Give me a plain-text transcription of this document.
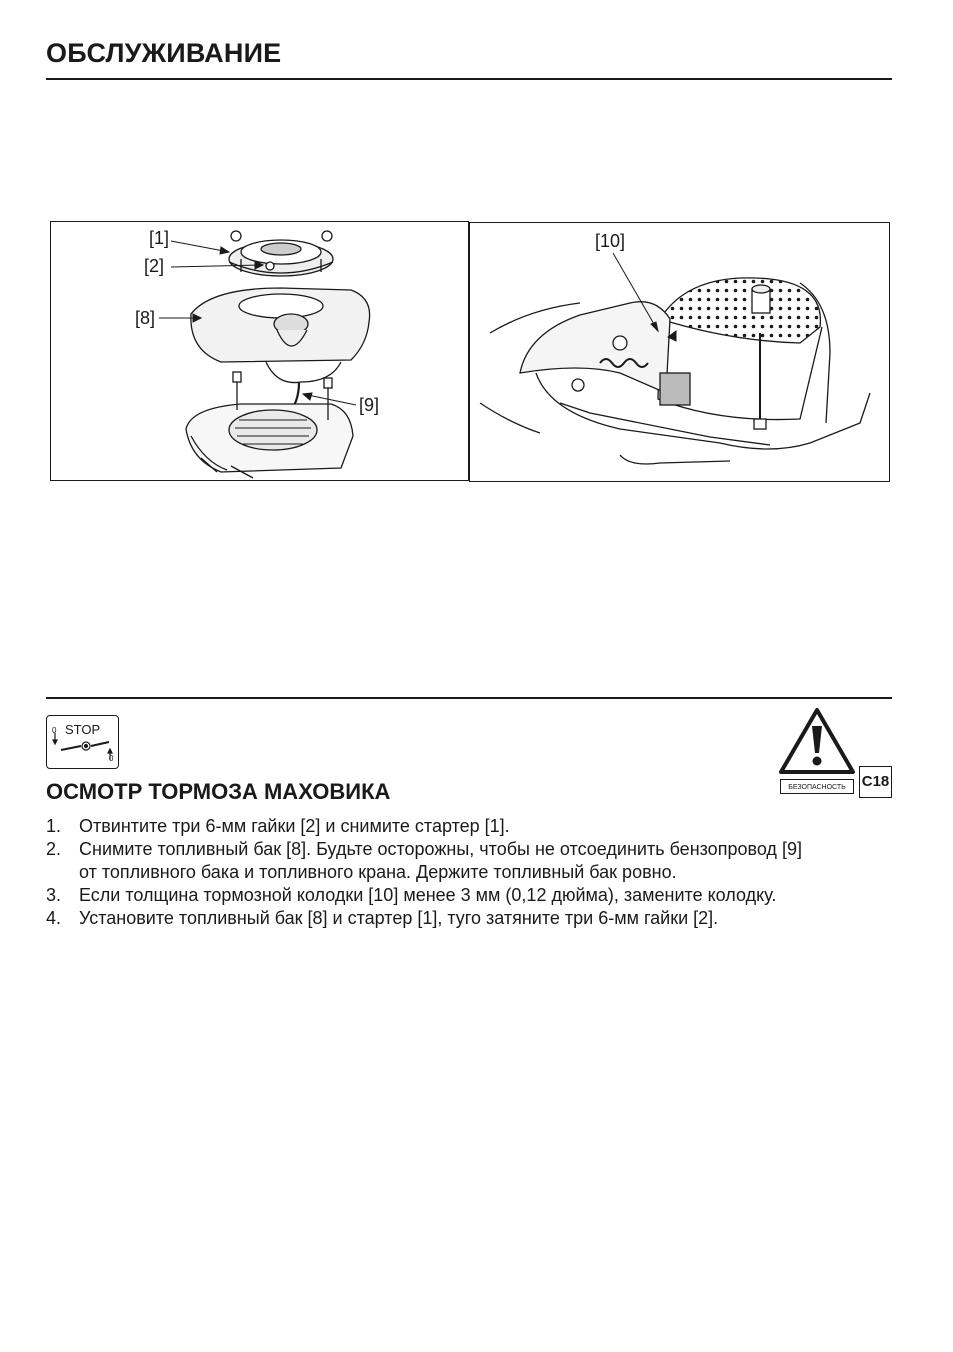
ОБСЛУЖИВАНИЕ
[1]
[2]
[8]
[9]
[10]
STOP
0
0
ОСМОТР ТОРМОЗА МАХОВИКА	БЕЗОПАСНОСТЬ	C18
1. Отвинтите три 6-мм гайки [2] и снимите стартер [1].
2. Снимите топливный бак [8]. Будьте осторожны, чтобы не отсоединить бензопровод [9]
от топливного бака и топливного крана. Держите топливный бак ровно.
3. Если толщина тормозной колодки [10] менее 3 мм (0,12 дюйма), замените колодку.
4. Установите топливный бак [8] и стартер [1], туго затяните три 6-мм гайки [2].
